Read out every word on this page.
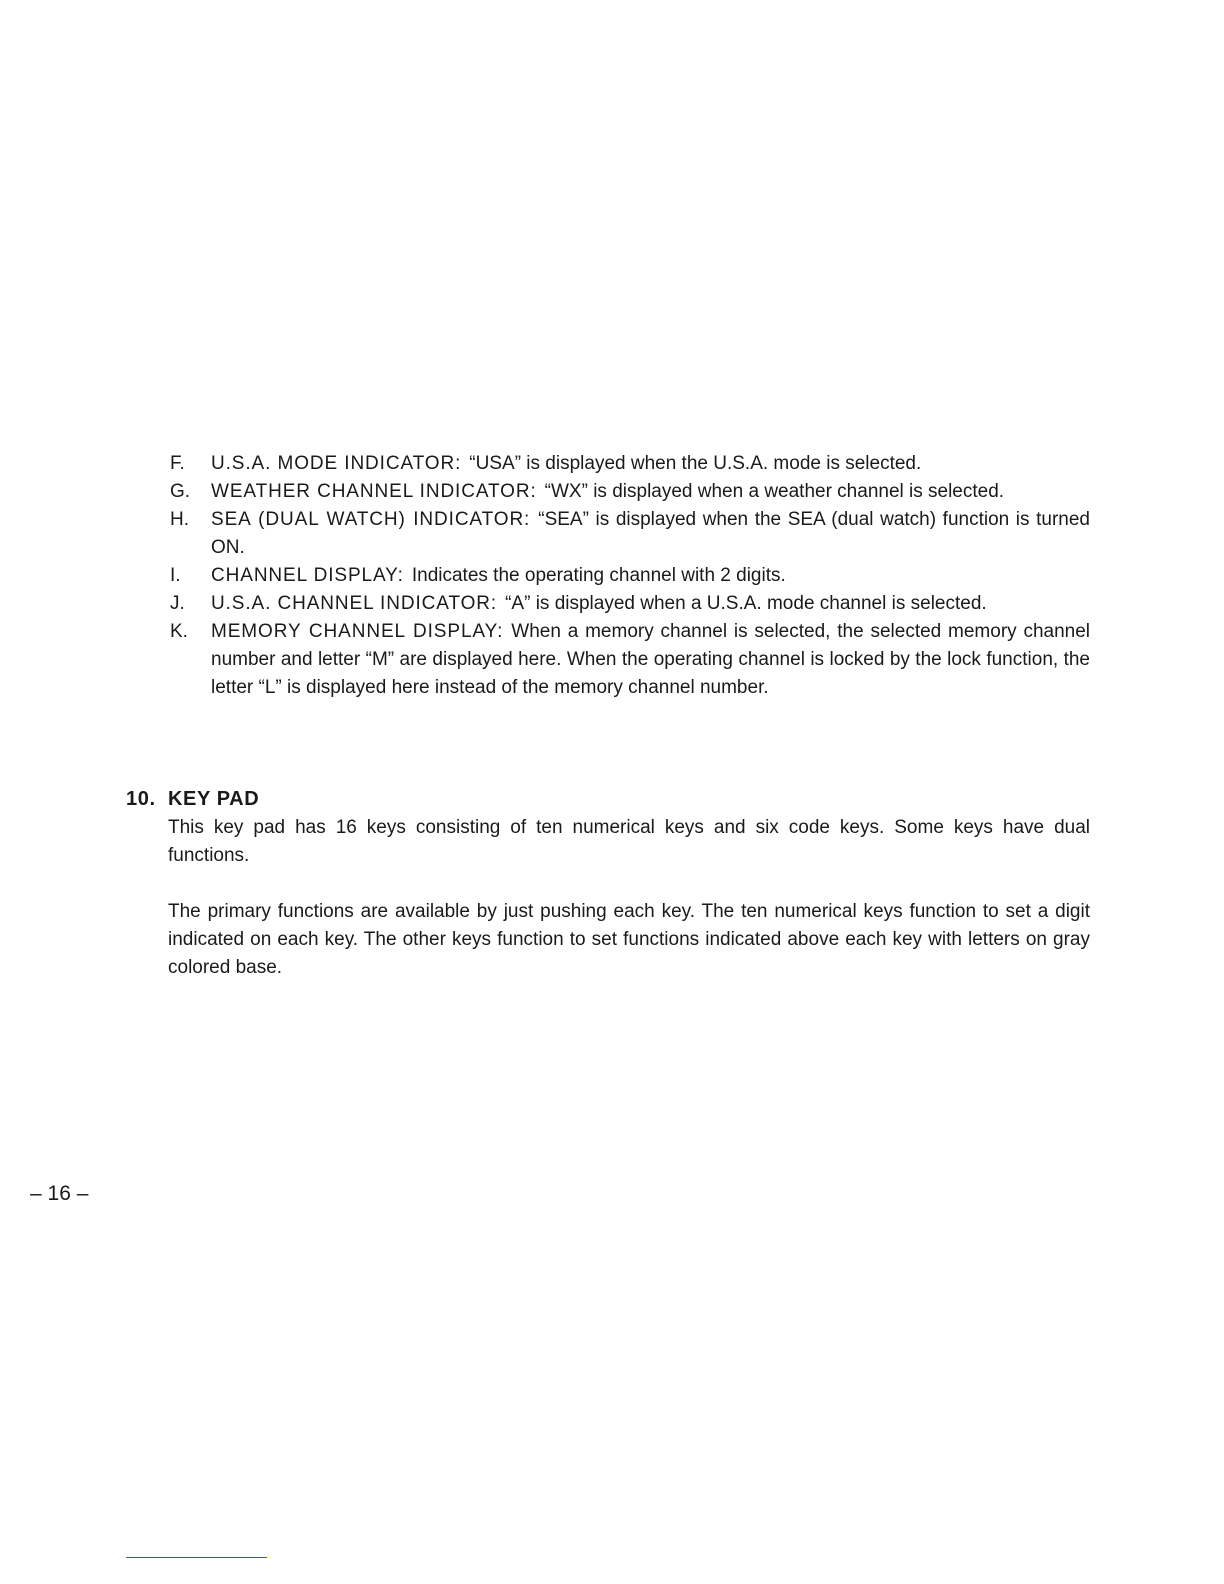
F.	U.S.A. MODE INDICATOR: “USA” is displayed when the U.S.A. mode is selected.
G.	WEATHER CHANNEL INDICATOR: “WX” is displayed when a weather channel is selected.
H.	SEA (DUAL WATCH) INDICATOR: “SEA” is displayed when the SEA (dual watch) function is turned ON.
I.	CHANNEL DISPLAY: Indicates the operating channel with 2 digits.
J.	U.S.A. CHANNEL INDICATOR: “A” is displayed when a U.S.A. mode channel is selected.
K.	MEMORY CHANNEL DISPLAY: When a memory channel is selected, the selected memory channel number and letter “M” are displayed here. When the operating channel is locked by the lock function, the letter “L” is displayed here instead of the memory channel number.
10. KEY PAD

This key pad has 16 keys consisting of ten numerical keys and six code keys. Some keys have dual functions.

The primary functions are available by just pushing each key. The ten numerical keys function to set a digit indicated on each key. The other keys function to set functions indicated above each key with letters on gray colored base.

– 16 –
